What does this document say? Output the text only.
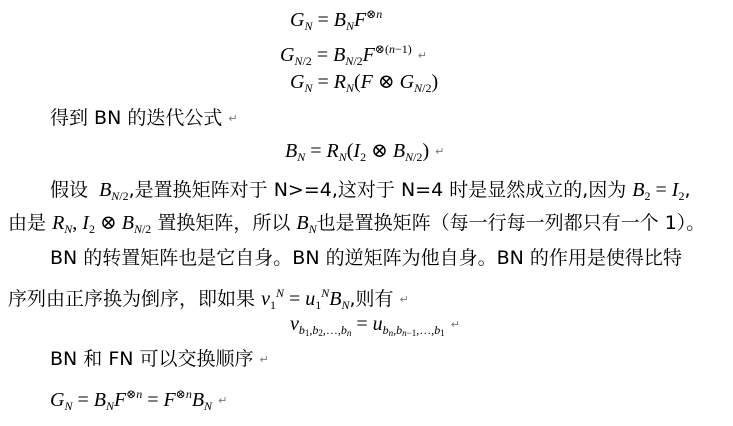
$G_N = B_NF^{\otimes n}$
$G_{N/2} = B_{N/2}F^{\otimes(n-1)}$ ↵
$G_N = R_N(F$ ⊗ $G_{N/2}$)
得到 BN 的迭代公式 ↵
$B_N = R_N(I_2$ ⊗ $B_{N/2}$) ↵
假设 $B_{N/2}$,是置换矩阵对于 N>=4,这对于 N=4 时是显然成立的,因为 $B_2 = I_2$,
由是 $R_N$, $I_2$ ⊗ $B_{N/2}$ 置换矩阵，所以 $B_N$也是置换矩阵（每一行每一列都只有一个 1）。
BN 的转置矩阵也是它自身。BN 的逆矩阵为他自身。BN 的作用是使得比特
序列由正序换为倒序，即如果 $v_1^N = u_1^NB_N$,则有 ↵
$v_{b_1,b_2,\dots,b_n}$ = $u_{b_n,b_{n-1},\dots,b_1}↵$
BN 和 FN 可以交换顺序 ↵
$G_N = B_NF^{\otimes n} = F^{\otimes n}B_N$ ↵
